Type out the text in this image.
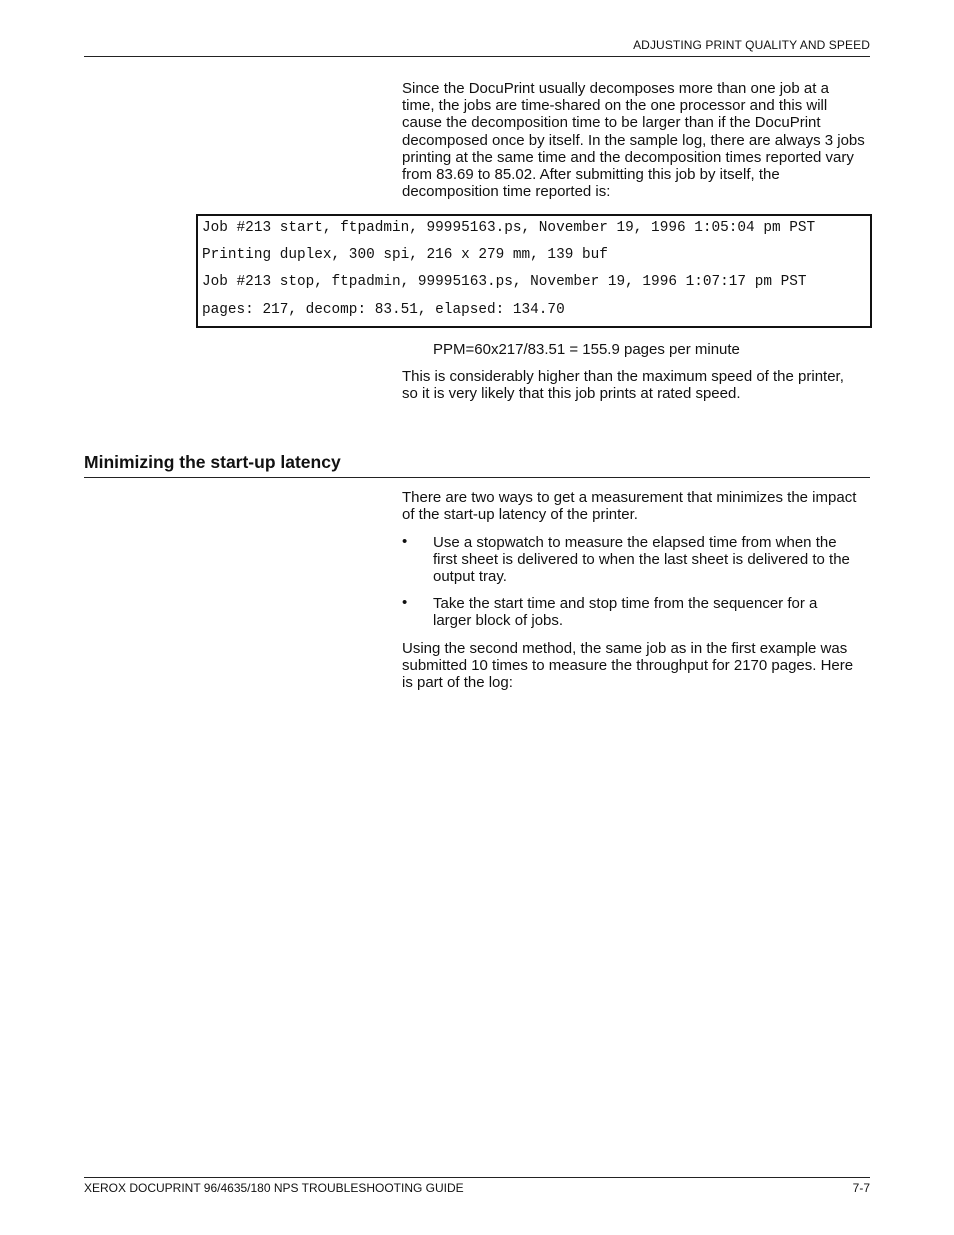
ADJUSTING PRINT QUALITY AND SPEED
Since the DocuPrint usually decomposes more than one job at a
time, the jobs are time-shared on the one processor and this will
cause the decomposition time to be larger than if the DocuPrint
decomposed once by itself. In the sample log, there are always 3 jobs
printing at the same time and the decomposition times reported vary
from 83.69 to 85.02. After submitting this job by itself, the
decomposition time reported is:
Job #213 start, ftpadmin, 99995163.ps, November 19, 1996 1:05:04 pm PST
Printing duplex, 300 spi, 216 x 279 mm, 139 buf
Job #213 stop, ftpadmin, 99995163.ps, November 19, 1996 1:07:17 pm PST
pages: 217, decomp: 83.51, elapsed: 134.70
PPM=60x217/83.51 = 155.9 pages per minute
This is considerably higher than the maximum speed of the printer,
so it is very likely that this job prints at rated speed.
Minimizing the start-up latency
There are two ways to get a measurement that minimizes the impact
of the start-up latency of the printer.
• Use a stopwatch to measure the elapsed time from when the
first sheet is delivered to when the last sheet is delivered to the
output tray.
• Take the start time and stop time from the sequencer for a
larger block of jobs.
Using the second method, the same job as in the first example was
submitted 10 times to measure the throughput for 2170 pages. Here
is part of the log:
XEROX DOCUPRINT 96/4635/180 NPS TROUBLESHOOTING GUIDE	7-7
